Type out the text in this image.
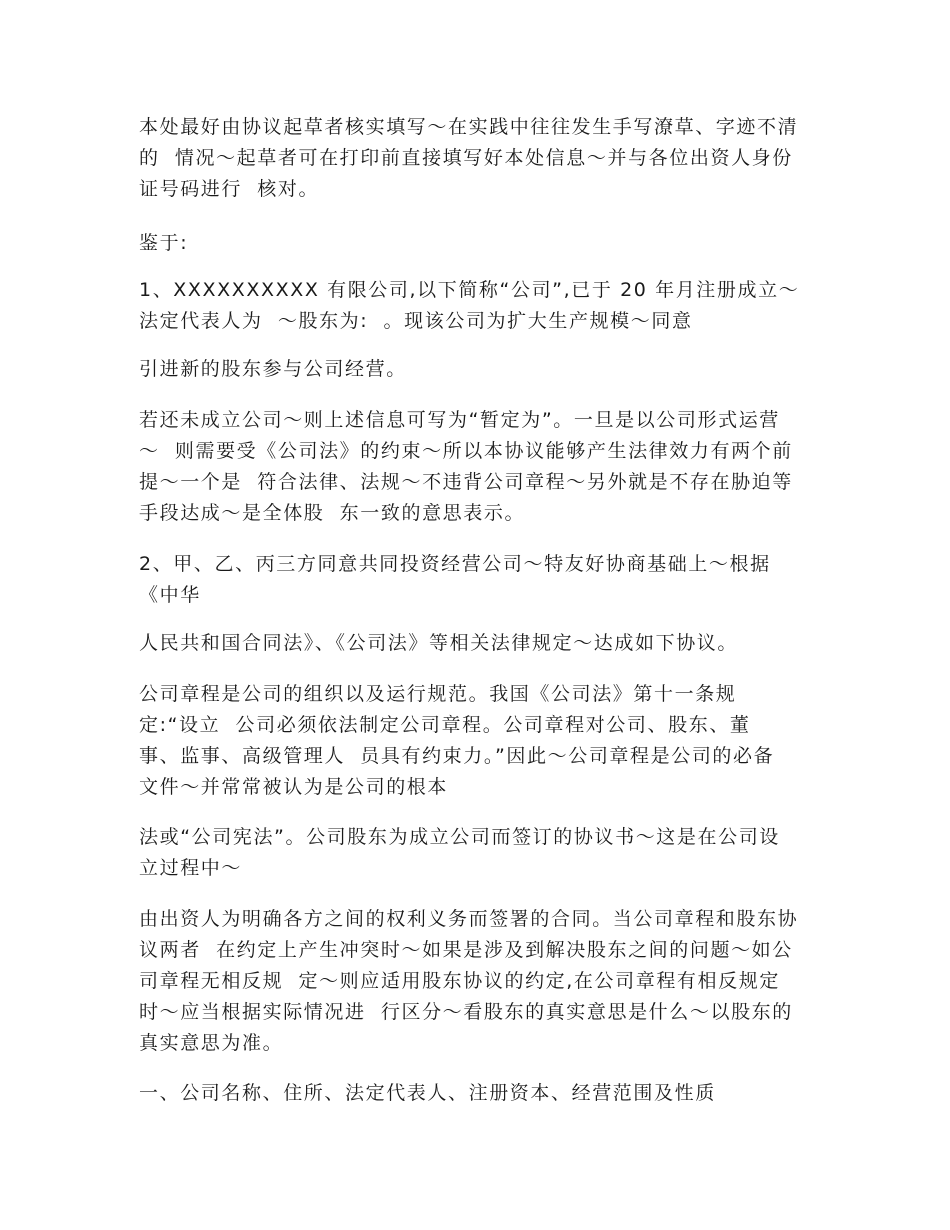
本处最好由协议起草者核实填写～在实践中往往发生手写潦草、字迹不清
的  情况～起草者可在打印前直接填写好本处信息～并与各位出资人身份
证号码进行  核对。

鉴于:

1、XXXXXXXXXX 有限公司,以下简称“公司”,已于 20 年月注册成立～
法定代表人为  ～股东为:  。现该公司为扩大生产规模～同意

引进新的股东参与公司经营。

若还未成立公司～则上述信息可写为“暂定为”。一旦是以公司形式运营
～  则需要受《公司法》的约束～所以本协议能够产生法律效力有两个前
提～一个是  符合法律、法规～不违背公司章程～另外就是不存在胁迫等
手段达成～是全体股  东一致的意思表示。

2、甲、乙、丙三方同意共同投资经营公司～特友好协商基础上～根据
《中华

人民共和国合同法》、《公司法》等相关法律规定～达成如下协议。

公司章程是公司的组织以及运行规范。我国《公司法》第十一条规
定:“设立  公司必须依法制定公司章程。公司章程对公司、股东、董
事、监事、高级管理人  员具有约束力。”因此～公司章程是公司的必备
文件～并常常被认为是公司的根本

法或“公司宪法”。公司股东为成立公司而签订的协议书～这是在公司设
立过程中～

由出资人为明确各方之间的权利义务而签署的合同。当公司章程和股东协
议两者  在约定上产生冲突时～如果是涉及到解决股东之间的问题～如公
司章程无相反规  定～则应适用股东协议的约定,在公司章程有相反规定
时～应当根据实际情况进  行区分～看股东的真实意思是什么～以股东的
真实意思为准。

一、公司名称、住所、法定代表人、注册资本、经营范围及性质
